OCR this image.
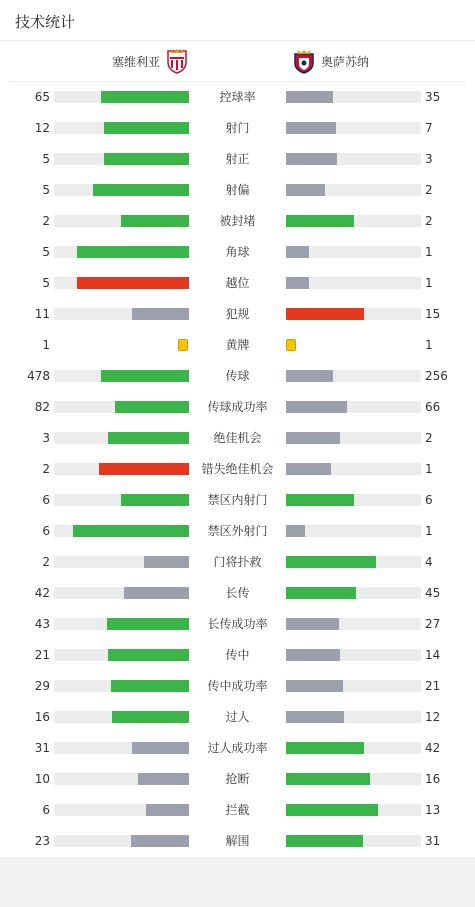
技术统计
塞维利亚	奥萨苏纳
65	控球率	35
12	射门	7
5	射正	3
5	射偏	2
2	被封堵	2
5	角球	1
5	越位	1
11	犯规	15
1	黄牌	1
478	传球	256
82	传球成功率	66
3	绝佳机会	2
2	错失绝佳机会	1
6	禁区内射门	6
6	禁区外射门	1
2	门将扑救	4
42	长传	45
43	长传成功率	27
21	传中	14
29	传中成功率	21
16	过人	12
31	过人成功率	42
10	抢断	16
6	拦截	13
23	解围	31
